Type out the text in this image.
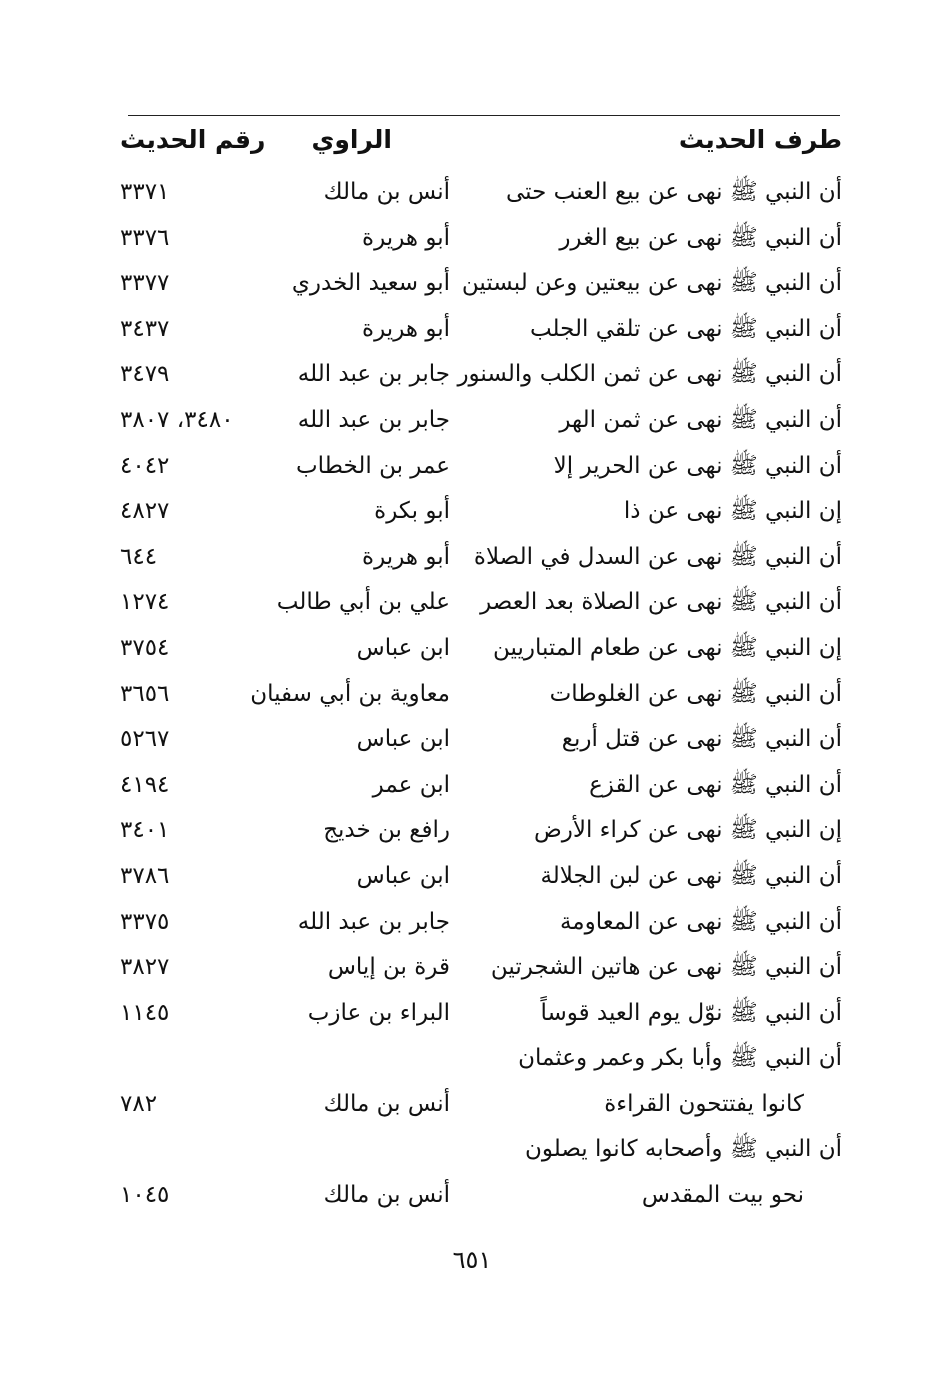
طرف الحديث
الراوي
رقم الحديث
أن النبي ﷺ نهى عن بيع العنب حتى
أنس بن مالك
٣٣٧١
أن النبي ﷺ نهى عن بيع الغرر
أبو هريرة
٣٣٧٦
أن النبي ﷺ نهى عن بيعتين وعن لبستين
أبو سعيد الخدري
٣٣٧٧
أن النبي ﷺ نهى عن تلقي الجلب
أبو هريرة
٣٤٣٧
أن النبي ﷺ نهى عن ثمن الكلب والسنور
جابر بن عبد الله
٣٤٧٩
أن النبي ﷺ نهى عن ثمن الهر
جابر بن عبد الله
٣٤٨٠، ٣٨٠٧
أن النبي ﷺ نهى عن الحرير إلا
عمر بن الخطاب
٤٠٤٢
إن النبي ﷺ نهى عن ذا
أبو بكرة
٤٨٢٧
أن النبي ﷺ نهى عن السدل في الصلاة
أبو هريرة
٦٤٤
أن النبي ﷺ نهى عن الصلاة بعد العصر
علي بن أبي طالب
١٢٧٤
إن النبي ﷺ نهى عن طعام المتباريين
ابن عباس
٣٧٥٤
أن النبي ﷺ نهى عن الغلوطات
معاوية بن أبي سفيان
٣٦٥٦
أن النبي ﷺ نهى عن قتل أربع
ابن عباس
٥٢٦٧
أن النبي ﷺ نهى عن القزع
ابن عمر
٤١٩٤
إن النبي ﷺ نهى عن كراء الأرض
رافع بن خديج
٣٤٠١
أن النبي ﷺ نهى عن لبن الجلالة
ابن عباس
٣٧٨٦
أن النبي ﷺ نهى عن المعاومة
جابر بن عبد الله
٣٣٧٥
أن النبي ﷺ نهى عن هاتين الشجرتين
قرة بن إياس
٣٨٢٧
أن النبي ﷺ نوّل يوم العيد قوساً
البراء بن عازب
١١٤٥
أن النبي ﷺ وأبا بكر وعمر وعثمان
كانوا يفتتحون القراءة
أنس بن مالك
٧٨٢
أن النبي ﷺ وأصحابه كانوا يصلون
نحو بيت المقدس
أنس بن مالك
١٠٤٥
٦٥١
